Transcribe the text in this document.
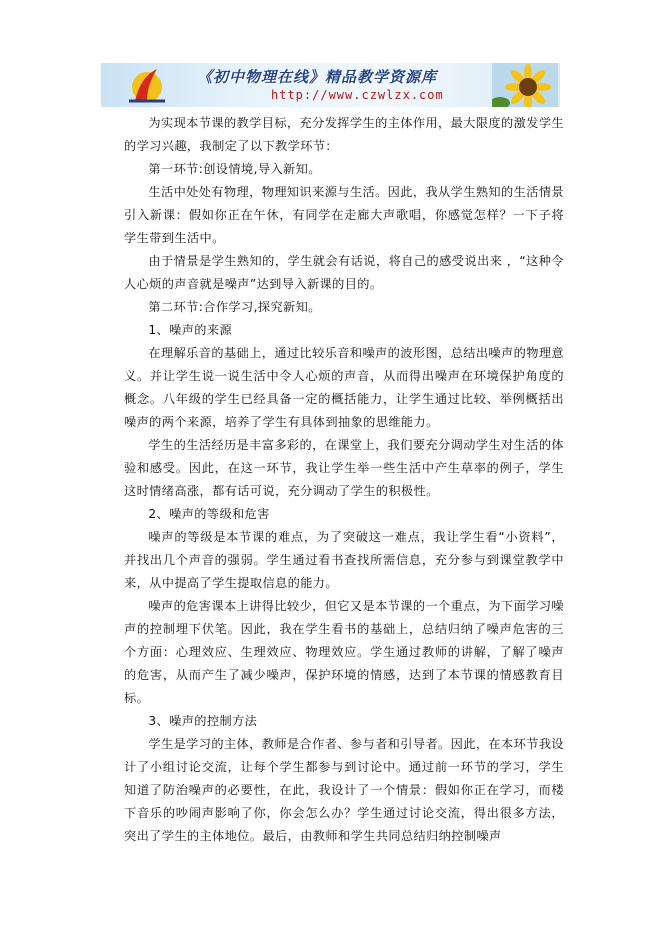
《初中物理在线》精品教学资源库
http://www.czwlzx.com

为实现本节课的教学目标，充分发挥学生的主体作用，最大限度的激发学生的学习兴趣，我制定了以下教学环节：

第一环节:创设情境,导入新知。

生活中处处有物理，物理知识来源与生活。因此，我从学生熟知的生活情景引入新课：假如你正在午休，有同学在走廊大声歌唱，你感觉怎样？一下子将学生带到生活中。

由于情景是学生熟知的，学生就会有话说，将自己的感受说出来 ，“这种令人心烦的声音就是噪声”达到导入新课的目的。

第二环节:合作学习,探究新知。

1、噪声的来源

在理解乐音的基础上，通过比较乐音和噪声的波形图，总结出噪声的物理意义。并让学生说一说生活中令人心烦的声音，从而得出噪声在环境保护角度的概念。八年级的学生已经具备一定的概括能力，让学生通过比较、举例概括出噪声的两个来源，培养了学生有具体到抽象的思维能力。

学生的生活经历是丰富多彩的，在课堂上，我们要充分调动学生对生活的体验和感受。因此，在这一环节，我让学生举一些生活中产生草率的例子，学生这时情绪高涨，都有话可说，充分调动了学生的积极性。

2、噪声的等级和危害

噪声的等级是本节课的难点，为了突破这一难点，我让学生看“小资料”，并找出几个声音的强弱。学生通过看书查找所需信息，充分参与到课堂教学中来，从中提高了学生提取信息的能力。

噪声的危害课本上讲得比较少，但它又是本节课的一个重点，为下面学习噪声的控制埋下伏笔。因此，我在学生看书的基础上，总结归纳了噪声危害的三个方面：心理效应、生理效应、物理效应。学生通过教师的讲解，了解了噪声的危害，从而产生了减少噪声，保护环境的情感，达到了本节课的情感教育目标。

3、噪声的控制方法

学生是学习的主体，教师是合作者、参与者和引导者。因此，在本环节我设计了小组讨论交流，让每个学生都参与到讨论中。通过前一环节的学习，学生知道了防治噪声的必要性，在此，我设计了一个情景：假如你正在学习，而楼下音乐的吵闹声影响了你，你会怎么办？学生通过讨论交流，得出很多方法，突出了学生的主体地位。最后，由教师和学生共同总结归纳控制噪声
